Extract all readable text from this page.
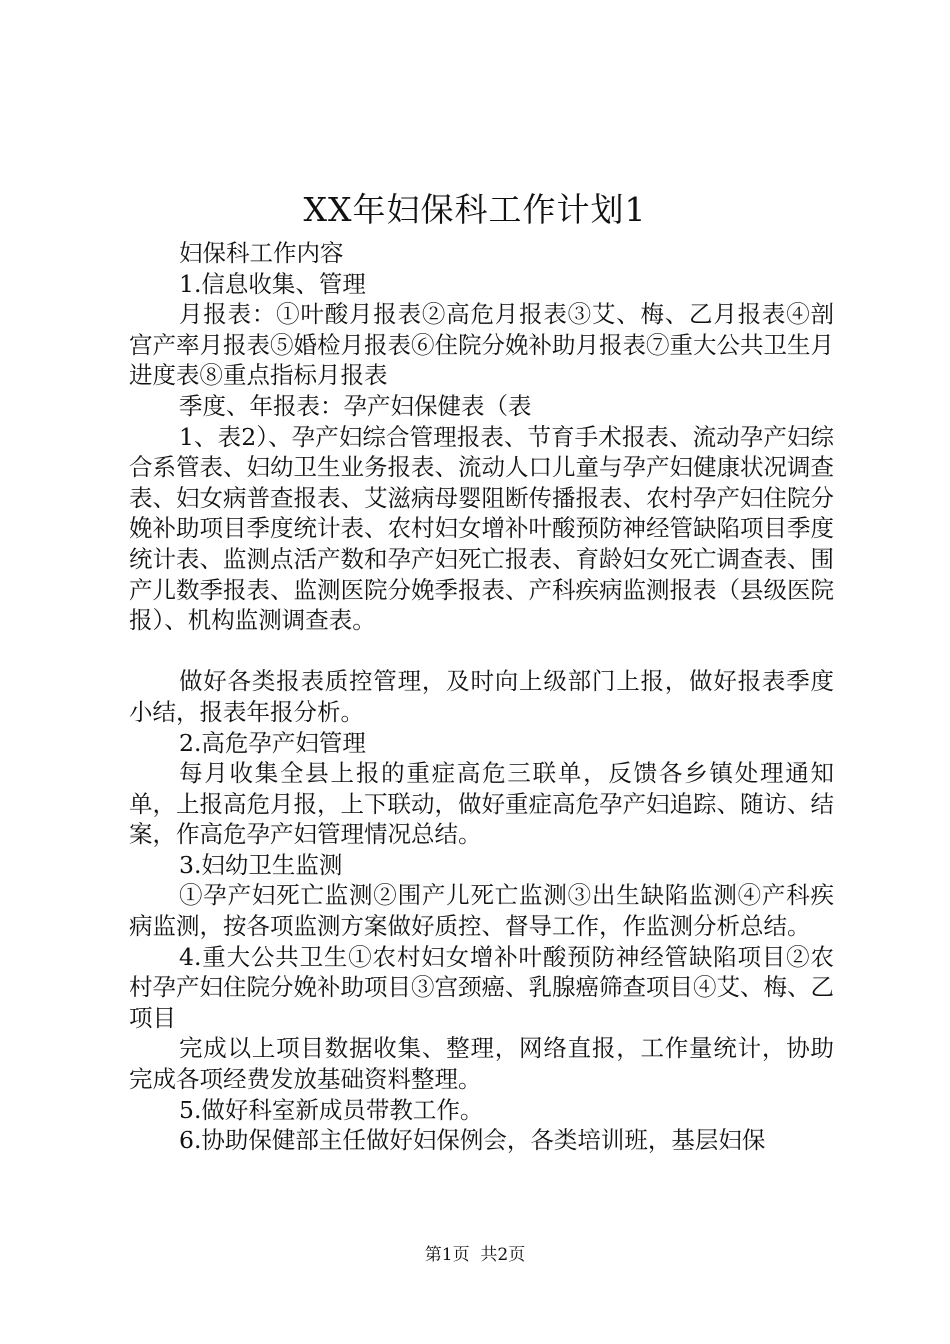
XX年妇保科工作计划1

妇保科工作内容

1.信息收集、管理

月报表：①叶酸月报表②高危月报表③艾、梅、乙月报表④剖宫产率月报表⑤婚检月报表⑥住院分娩补助月报表⑦重大公共卫生月进度表⑧重点指标月报表

季度、年报表：孕产妇保健表（表

1、表2）、孕产妇综合管理报表、节育手术报表、流动孕产妇综合系管表、妇幼卫生业务报表、流动人口儿童与孕产妇健康状况调查表、妇女病普查报表、艾滋病母婴阻断传播报表、农村孕产妇住院分娩补助项目季度统计表、农村妇女增补叶酸预防神经管缺陷项目季度统计表、监测点活产数和孕产妇死亡报表、育龄妇女死亡调查表、围产儿数季报表、监测医院分娩季报表、产科疾病监测报表（县级医院报）、机构监测调查表。

做好各类报表质控管理，及时向上级部门上报，做好报表季度小结，报表年报分析。

2.高危孕产妇管理

每月收集全县上报的重症高危三联单，反馈各乡镇处理通知单，上报高危月报，上下联动，做好重症高危孕产妇追踪、随访、结案，作高危孕产妇管理情况总结。

3.妇幼卫生监测

①孕产妇死亡监测②围产儿死亡监测③出生缺陷监测④产科疾病监测，按各项监测方案做好质控、督导工作，作监测分析总结。

4.重大公共卫生①农村妇女增补叶酸预防神经管缺陷项目②农村孕产妇住院分娩补助项目③宫颈癌、乳腺癌筛查项目④艾、梅、乙项目

完成以上项目数据收集、整理，网络直报，工作量统计，协助完成各项经费发放基础资料整理。

5.做好科室新成员带教工作。

6.协助保健部主任做好妇保例会，各类培训班，基层妇保

第1页  共2页
